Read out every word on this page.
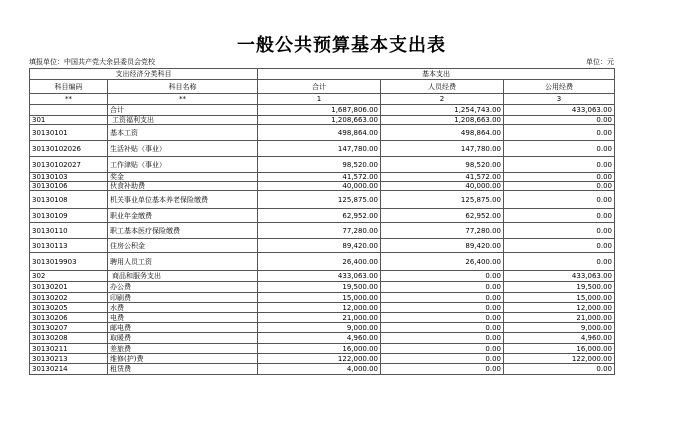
一般公共预算基本支出表
填报单位：中国共产党大余县委员会党校	单位：元
支出经济分类科目		基本支出		
科目编码	科目名称	合计	人员经费	公用经费
**	**	1	2	3
	合计	1,687,806.00	1,254,743.00	433,063.00
301	工资福利支出	1,208,663.00	1,208,663.00	0.00
30130101	基本工资	498,864.00	498,864.00	0.00
30130102026	生活补贴（事业）	147,780.00	147,780.00	0.00
30130102027	工作津贴（事业）	98,520.00	98,520.00	0.00
30130103	奖金	41,572.00	41,572.00	0.00
30130106	伙食补助费	40,000.00	40,000.00	0.00
30130108	机关事业单位基本养老保险缴费	125,875.00	125,875.00	0.00
30130109	职业年金缴费	62,952.00	62,952.00	0.00
30130110	职工基本医疗保险缴费	77,280.00	77,280.00	0.00
30130113	住房公积金	89,420.00	89,420.00	0.00
3013019903	聘用人员工资	26,400.00	26,400.00	0.00
302	商品和服务支出	433,063.00	0.00	433,063.00
30130201	办公费	19,500.00	0.00	19,500.00
30130202	印刷费	15,000.00	0.00	15,000.00
30130205	水费	12,000.00	0.00	12,000.00
30130206	电费	21,000.00	0.00	21,000.00
30130207	邮电费	9,000.00	0.00	9,000.00
30130208	取暖费	4,960.00	0.00	4,960.00
30130211	差旅费	16,000.00	0.00	16,000.00
30130213	维修(护)费	122,000.00	0.00	122,000.00
30130214	租赁费	4,000.00	0.00	0.00
